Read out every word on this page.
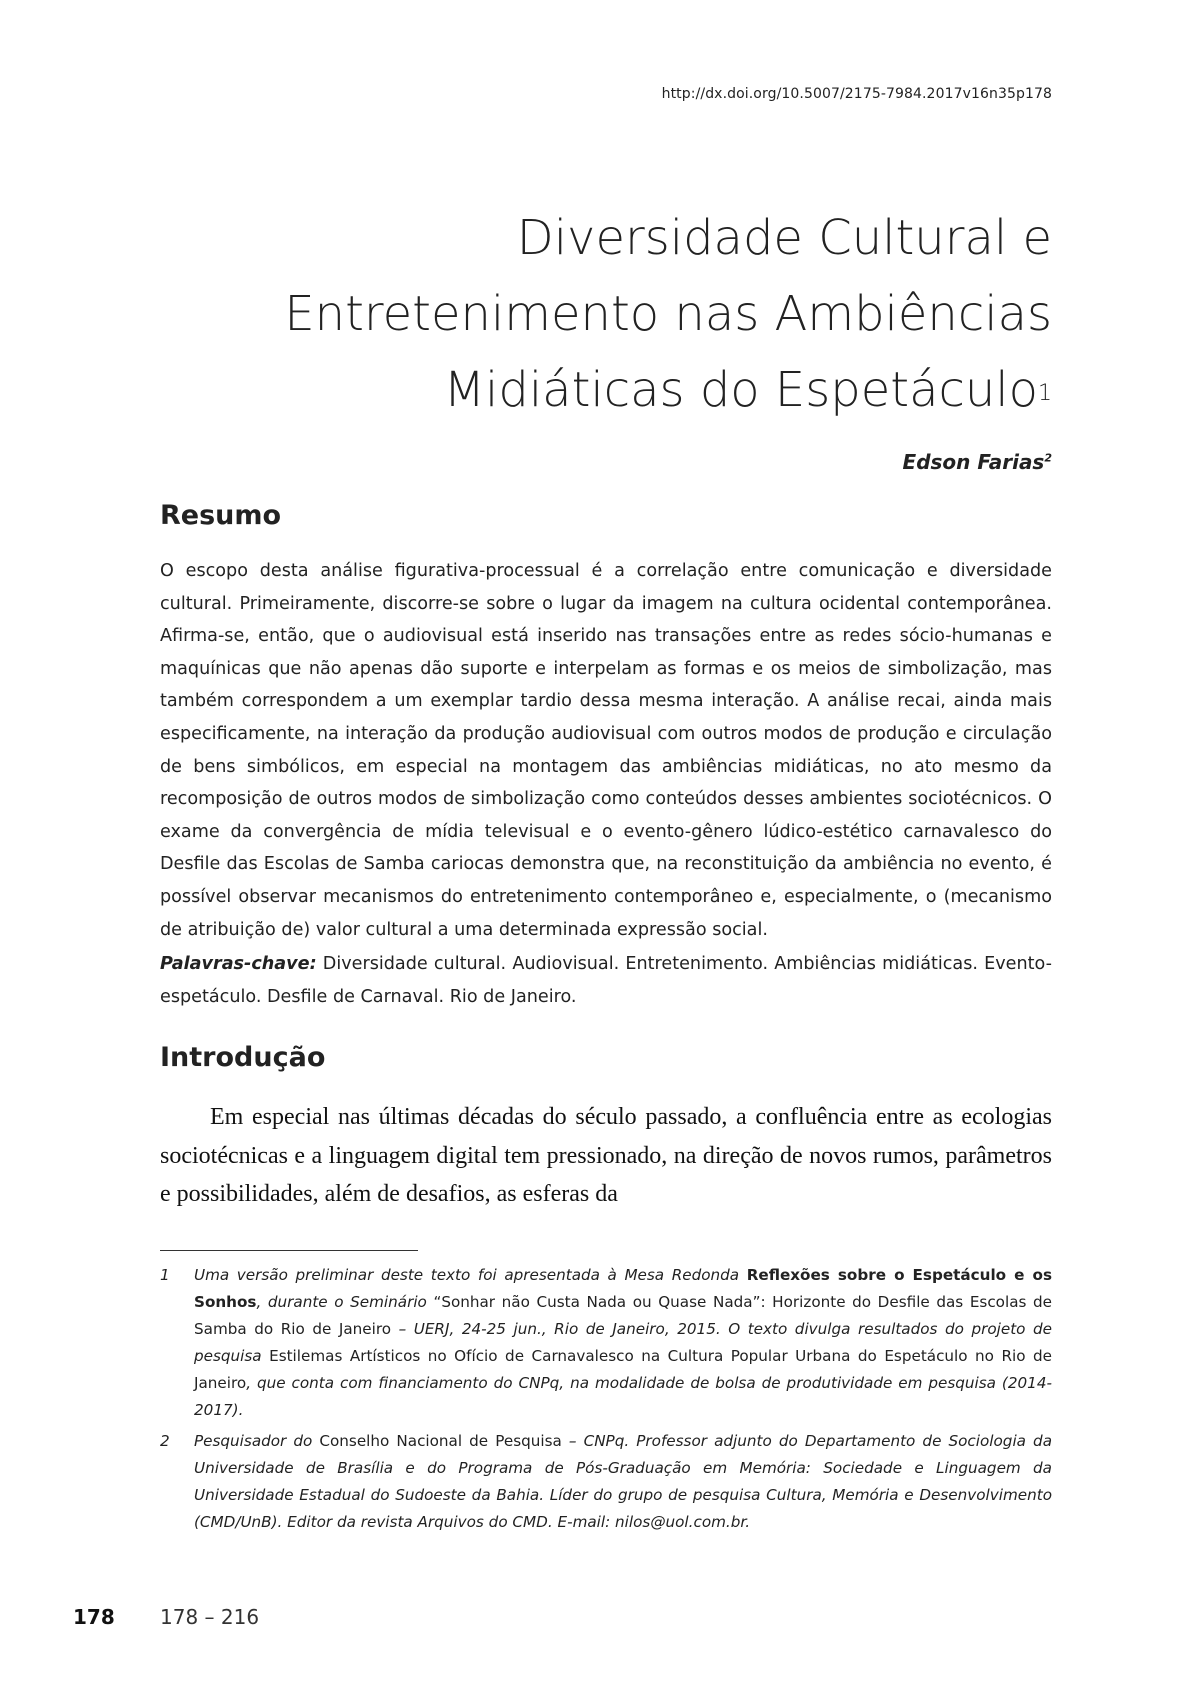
http://dx.doi.org/10.5007/2175-7984.2017v16n35p178
Diversidade Cultural e
Entretenimento nas Ambiências
Midiáticas do Espetáculo$^1$
Edson Farias$^2$
Resumo
O escopo desta análise figurativa-processual é a correlação entre comunicação e diversidade cultural. Primeiramente, discorre-se sobre o lugar da imagem na cultura ocidental contemporânea. Afirma-se, então, que o audiovisual está inserido nas transações entre as redes sócio-humanas e maquínicas que não apenas dão suporte e interpelam as formas e os meios de simbolização, mas também correspondem a um exemplar tardio dessa mesma interação. A análise recai, ainda mais especificamente, na interação da produção audiovisual com outros modos de produção e circulação de bens simbólicos, em especial na montagem das ambiências midiáticas, no ato mesmo da recomposição de outros modos de simbolização como conteúdos desses ambientes sociotécnicos. O exame da convergência de mídia televisual e o evento-gênero lúdico-estético carnavalesco do Desfile das Escolas de Samba cariocas demonstra que, na reconstituição da ambiência no evento, é possível observar mecanismos do entretenimento contemporâneo e, especialmente, o (mecanismo de atribuição de) valor cultural a uma determinada expressão social.
Palavras-chave: Diversidade cultural. Audiovisual. Entretenimento. Ambiências midiáticas. Evento-espetáculo. Desfile de Carnaval. Rio de Janeiro.
Introdução
Em especial nas últimas décadas do século passado, a confluência entre as ecologias sociotécnicas e a linguagem digital tem pressionado, na direção de novos rumos, parâmetros e possibilidades, além de desafios, as esferas da
1 Uma versão preliminar deste texto foi apresentada à Mesa Redonda Reflexões sobre o Espetáculo e os Sonhos, durante o Seminário “Sonhar não Custa Nada ou Quase Nada”: Horizonte do Desfile das Escolas de Samba do Rio de Janeiro – UERJ, 24-25 jun., Rio de Janeiro, 2015. O texto divulga resultados do projeto de pesquisa Estilemas Artísticos no Ofício de Carnavalesco na Cultura Popular Urbana do Espetáculo no Rio de Janeiro, que conta com financiamento do CNPq, na modalidade de bolsa de produtividade em pesquisa (2014-2017).
2 Pesquisador do Conselho Nacional de Pesquisa – CNPq. Professor adjunto do Departamento de Sociologia da Universidade de Brasília e do Programa de Pós-Graduação em Memória: Sociedade e Linguagem da Universidade Estadual do Sudoeste da Bahia. Líder do grupo de pesquisa Cultura, Memória e Desenvolvimento (CMD/UnB). Editor da revista Arquivos do CMD. E-mail: nilos@uol.com.br.
178 178 – 216
